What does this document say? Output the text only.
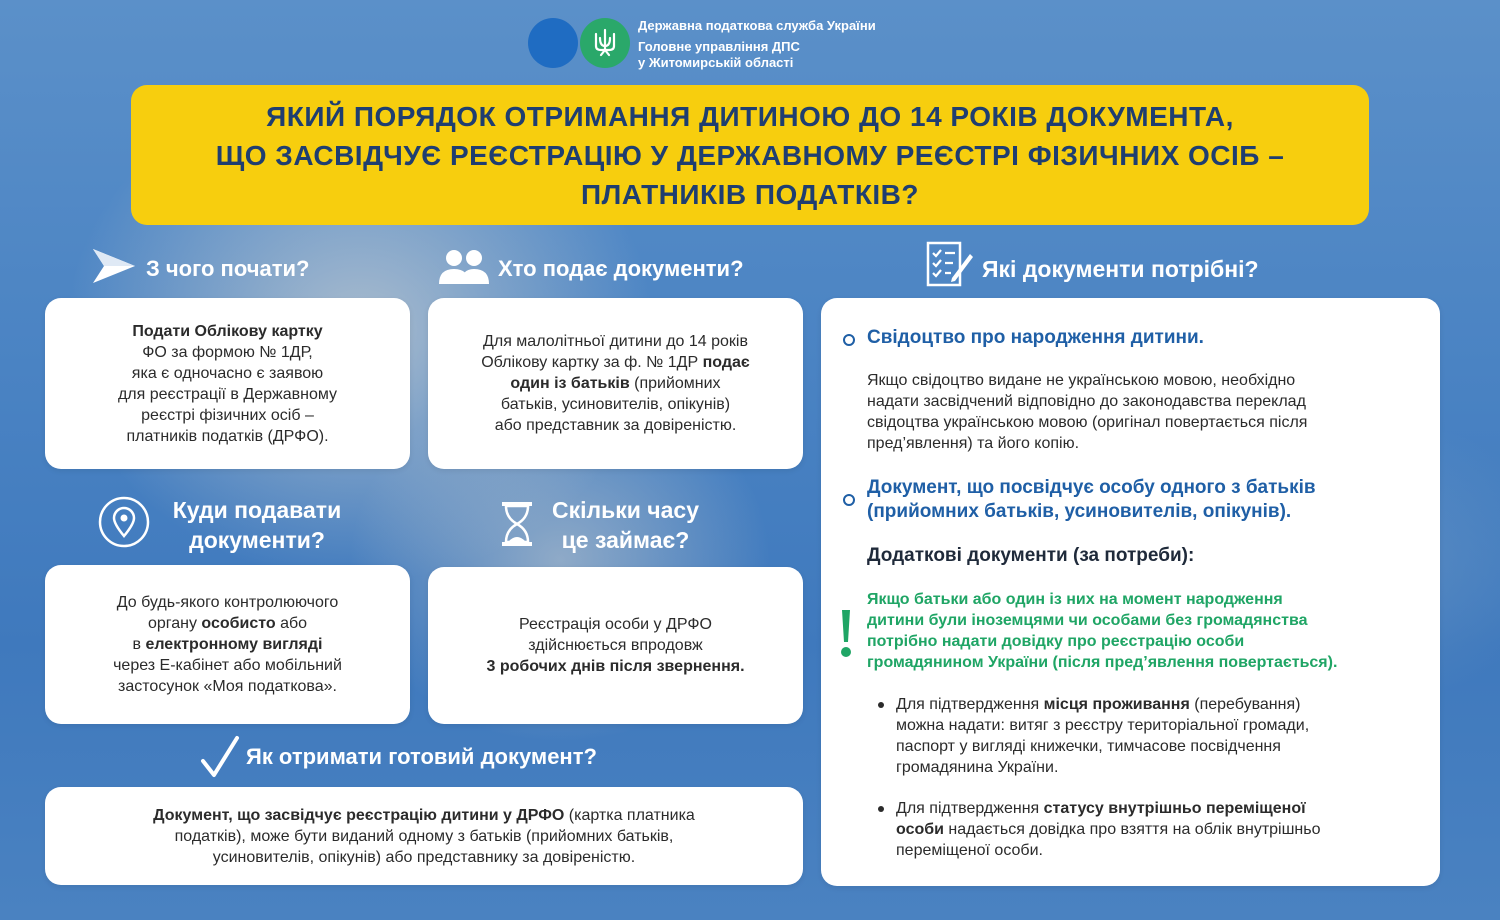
Державна податкова служба України
Головне управління ДПС
у Житомирській області
ЯКИЙ ПОРЯДОК ОТРИМАННЯ ДИТИНОЮ ДО 14 РОКІВ ДОКУМЕНТА,
ЩО ЗАСВІДЧУЄ РЕЄСТРАЦІЮ У ДЕРЖАВНОМУ РЕЄСТРІ ФІЗИЧНИХ ОСІБ –
ПЛАТНИКІВ ПОДАТКІВ?
З чого почати?	Хто подає документи?	Які документи потрібні?
Подати Облікову картку
ФО за формою № 1ДР,
яка є одночасно є заявою
для реєстрації в Державному
реєстрі фізичних осіб –
платників податків (ДРФО).
Для малолітньої дитини до 14 років
Облікову картку за ф. № 1ДР подає
один із батьків (прийомних
батьків, усиновителів, опікунів)
або представник за довіреністю.
Куди подавати
документи?
Скільки часу
це займає?
До будь-якого контролюючого
органу особисто або
в електронному вигляді
через Е-кабінет або мобільний
застосунок «Моя податкова».
Реєстрація особи у ДРФО
здійснюється впродовж
3 робочих днів після звернення.
Як отримати готовий документ?
Документ, що засвідчує реєстрацію дитини у ДРФО (картка платника
податків), може бути виданий одному з батьків (прийомних батьків,
усиновителів, опікунів) або представнику за довіреністю.
Свідоцтво про народження дитини.
Якщо свідоцтво видане не українською мовою, необхідно
надати засвідчений відповідно до законодавства переклад
свідоцтва українською мовою (оригінал повертається після
пред’явлення) та його копію.
Документ, що посвідчує особу одного з батьків
(прийомних батьків, усиновителів, опікунів).
Додаткові документи (за потреби):
Якщо батьки або один із них на момент народження
дитини були іноземцями чи особами без громадянства
потрібно надати довідку про реєстрацію особи
громадянином України (після пред’явлення повертається).
Для підтвердження місця проживання (перебування)
можна надати: витяг з реєстру територіальної громади,
паспорт у вигляді книжечки, тимчасове посвідчення
громадянина України.
Для підтвердження статусу внутрішньо переміщеної
особи надається довідка про взяття на облік внутрішньо
переміщеної особи.
